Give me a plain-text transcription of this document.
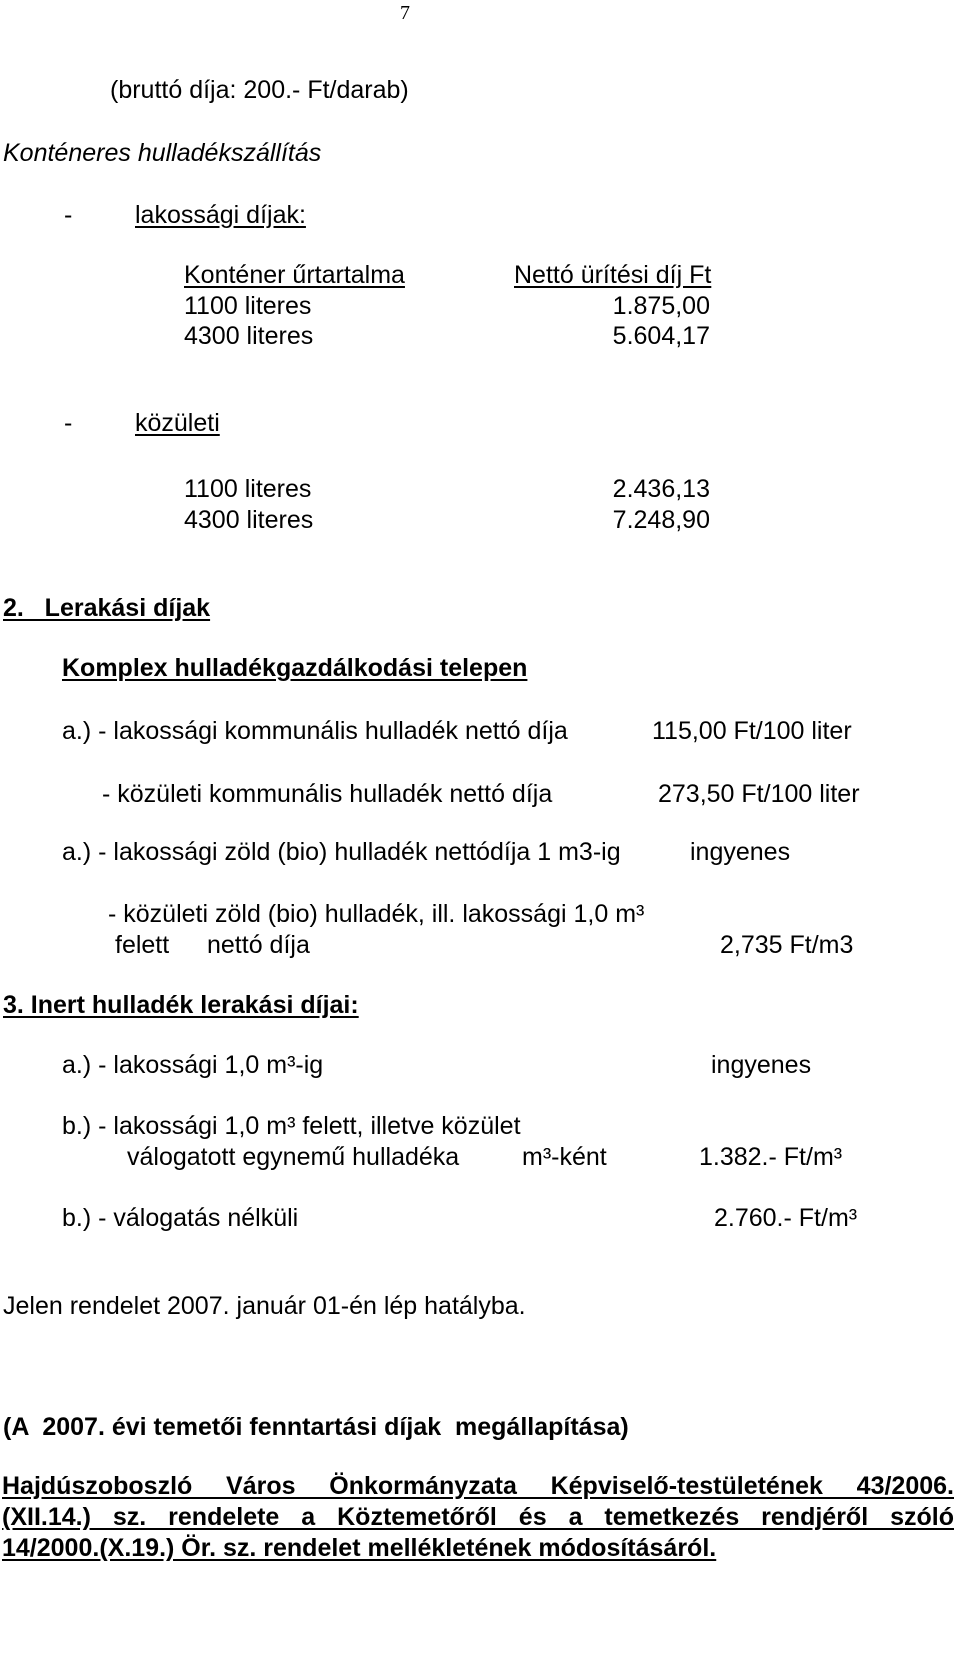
7
(bruttó díja: 200.- Ft/darab)
Konténeres hulladékszállítás
-	lakossági díjak:
Konténer űrtartalma	Nettó ürítési díj Ft
1100 literes	1.875,00
4300 literes	5.604,17
-	közületi
1100 literes	2.436,13
4300 literes	7.248,90
2.   Lerakási díjak
Komplex hulladékgazdálkodási telepen
a.) - lakossági kommunális hulladék nettó díja	115,00 Ft/100 liter
- közületi kommunális hulladék nettó díja	273,50 Ft/100 liter
a.) - lakossági zöld (bio) hulladék nettódíja 1 m3-ig	ingyenes
- közületi zöld (bio) hulladék, ill. lakossági 1,0 m³
felett nettó díja	2,735 Ft/m3
3. Inert hulladék lerakási díjai:
a.) - lakossági 1,0 m³-ig	ingyenes
b.) - lakossági 1,0 m³ felett, illetve közület
válogatott egynemű hulladéka	m³-ként	1.382.- Ft/m³
b.) - válogatás nélküli	2.760.- Ft/m³
Jelen rendelet 2007. január 01-én lép hatályba.
(A  2007. évi temetői fenntartási díjak  megállapítása)
Hajdúszoboszló Város Önkormányzata Képviselő-testületének 43/2006.
(XII.14.) sz. rendelete a Köztemetőről és a temetkezés rendjéről szóló
14/2000.(X.19.) Ör. sz. rendelet mellékletének módosításáról.
